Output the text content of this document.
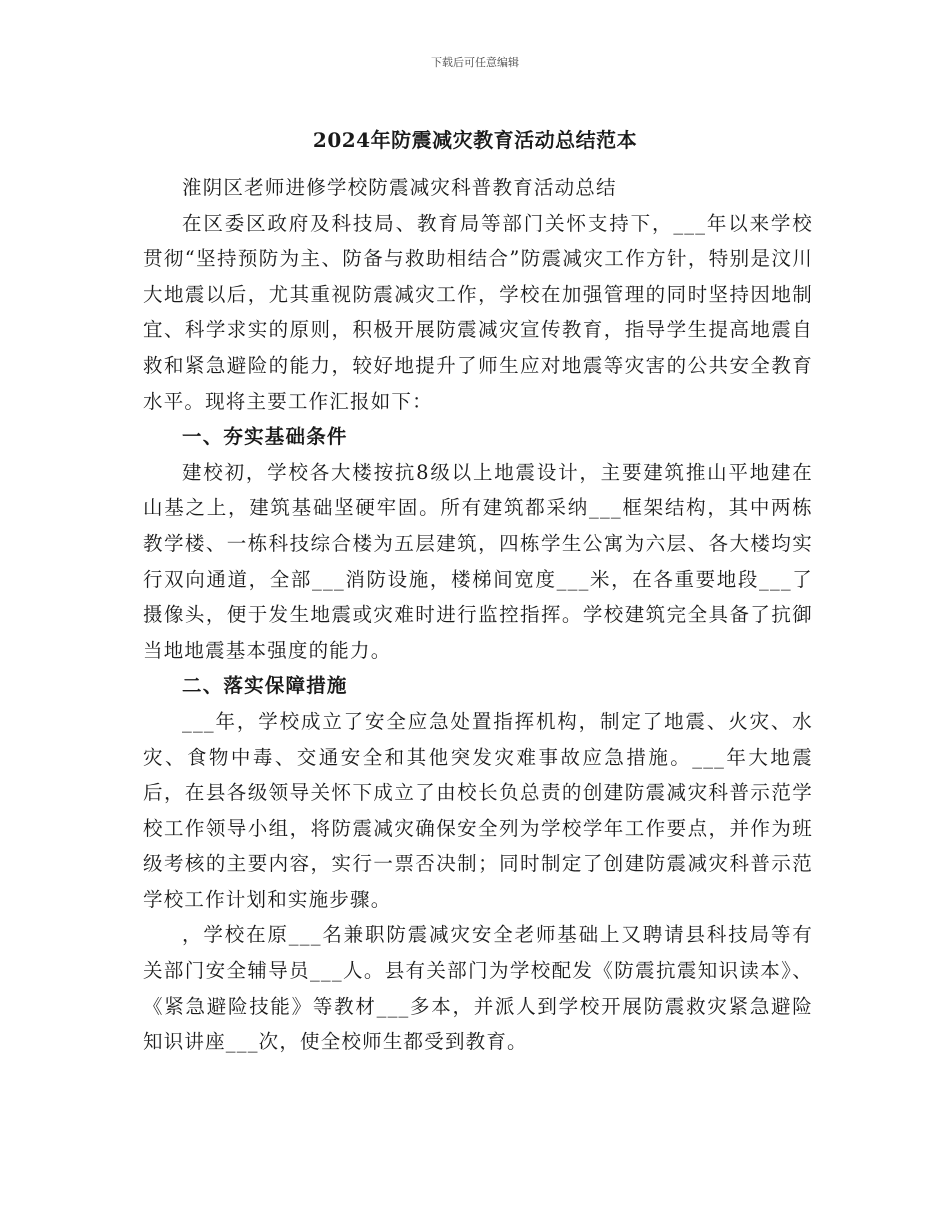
下载后可任意编辑
2024年防震减灾教育活动总结范本

淮阴区老师进修学校防震减灾科普教育活动总结

在区委区政府及科技局、教育局等部门关怀支持下，___年以来学校贯彻“坚持预防为主、防备与救助相结合”防震减灾工作方针，特别是汶川大地震以后，尤其重视防震减灾工作，学校在加强管理的同时坚持因地制宜、科学求实的原则，积极开展防震减灾宣传教育，指导学生提高地震自救和紧急避险的能力，较好地提升了师生应对地震等灾害的公共安全教育水平。现将主要工作汇报如下：

一、夯实基础条件

建校初，学校各大楼按抗8级以上地震设计，主要建筑推山平地建在山基之上，建筑基础坚硬牢固。所有建筑都采纳___框架结构，其中两栋教学楼、一栋科技综合楼为五层建筑，四栋学生公寓为六层、各大楼均实行双向通道，全部___消防设施，楼梯间宽度___米，在各重要地段___了摄像头，便于发生地震或灾难时进行监控指挥。学校建筑完全具备了抗御当地地震基本强度的能力。

二、落实保障措施

___年，学校成立了安全应急处置指挥机构，制定了地震、火灾、水灾、食物中毒、交通安全和其他突发灾难事故应急措施。___年大地震后，在县各级领导关怀下成立了由校长负总责的创建防震减灾科普示范学校工作领导小组，将防震减灾确保安全列为学校学年工作要点，并作为班级考核的主要内容，实行一票否决制；同时制定了创建防震减灾科普示范学校工作计划和实施步骤。

，学校在原___名兼职防震减灾安全老师基础上又聘请县科技局等有关部门安全辅导员___人。县有关部门为学校配发《防震抗震知识读本》、《紧急避险技能》等教材___多本，并派人到学校开展防震救灾紧急避险知识讲座___次，使全校师生都受到教育。
